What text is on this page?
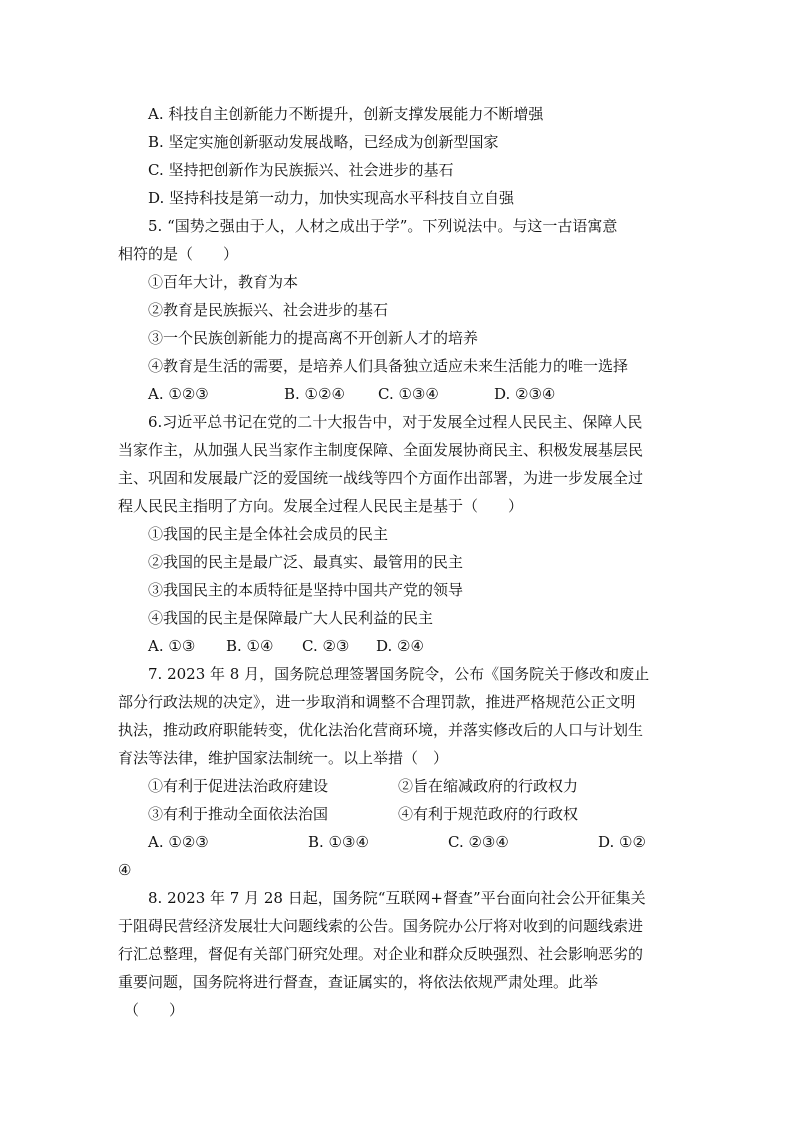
A. 科技自主创新能力不断提升，创新支撑发展能力不断增强
B. 坚定实施创新驱动发展战略，已经成为创新型国家
C. 坚持把创新作为民族振兴、社会进步的基石
D. 坚持科技是第一动力，加快实现高水平科技自立自强
5. “国势之强由于人，人材之成出于学”。下列说法中。与这一古语寓意
相符的是（　　）
①百年大计，教育为本
②教育是民族振兴、社会进步的基石
③一个民族创新能力的提高离不开创新人才的培养
④教育是生活的需要，是培养人们具备独立适应未来生活能力的唯一选择
A. ①②③	B. ①②④ C. ①③④	D. ②③④
6.习近平总书记在党的二十大报告中，对于发展全过程人民民主、保障人民
当家作主，从加强人民当家作主制度保障、全面发展协商民主、积极发展基层民
主、巩固和发展最广泛的爱国统一战线等四个方面作出部署，为进一步发展全过
程人民民主指明了方向。发展全过程人民民主是基于（　　）
①我国的民主是全体社会成员的民主
②我国的民主是最广泛、最真实、最管用的民主
③我国民主的本质特征是坚持中国共产党的领导
④我国的民主是保障最广大人民利益的民主
A. ①③ B. ①④ C. ②③ D. ②④
7. 2023 年 8 月，国务院总理签署国务院令，公布《国务院关于修改和废止
部分行政法规的决定》，进一步取消和调整不合理罚款，推进严格规范公正文明
执法，推动政府职能转变，优化法治化营商环境，并落实修改后的人口与计划生
育法等法律，维护国家法制统一。以上举措（　）
①有利于促进法治政府建设	②旨在缩减政府的行政权力
③有利于推动全面依法治国	④有利于规范政府的行政权
A. ①②③	B. ①③④	C. ②③④	D. ①②
④
8. 2023 年 7 月 28 日起，国务院“互联网+督查”平台面向社会公开征集关
于阻碍民营经济发展壮大问题线索的公告。国务院办公厅将对收到的问题线索进
行汇总整理，督促有关部门研究处理。对企业和群众反映强烈、社会影响恶劣的
重要问题，国务院将进行督查，查证属实的，将依法依规严肃处理。此举
（　　）
